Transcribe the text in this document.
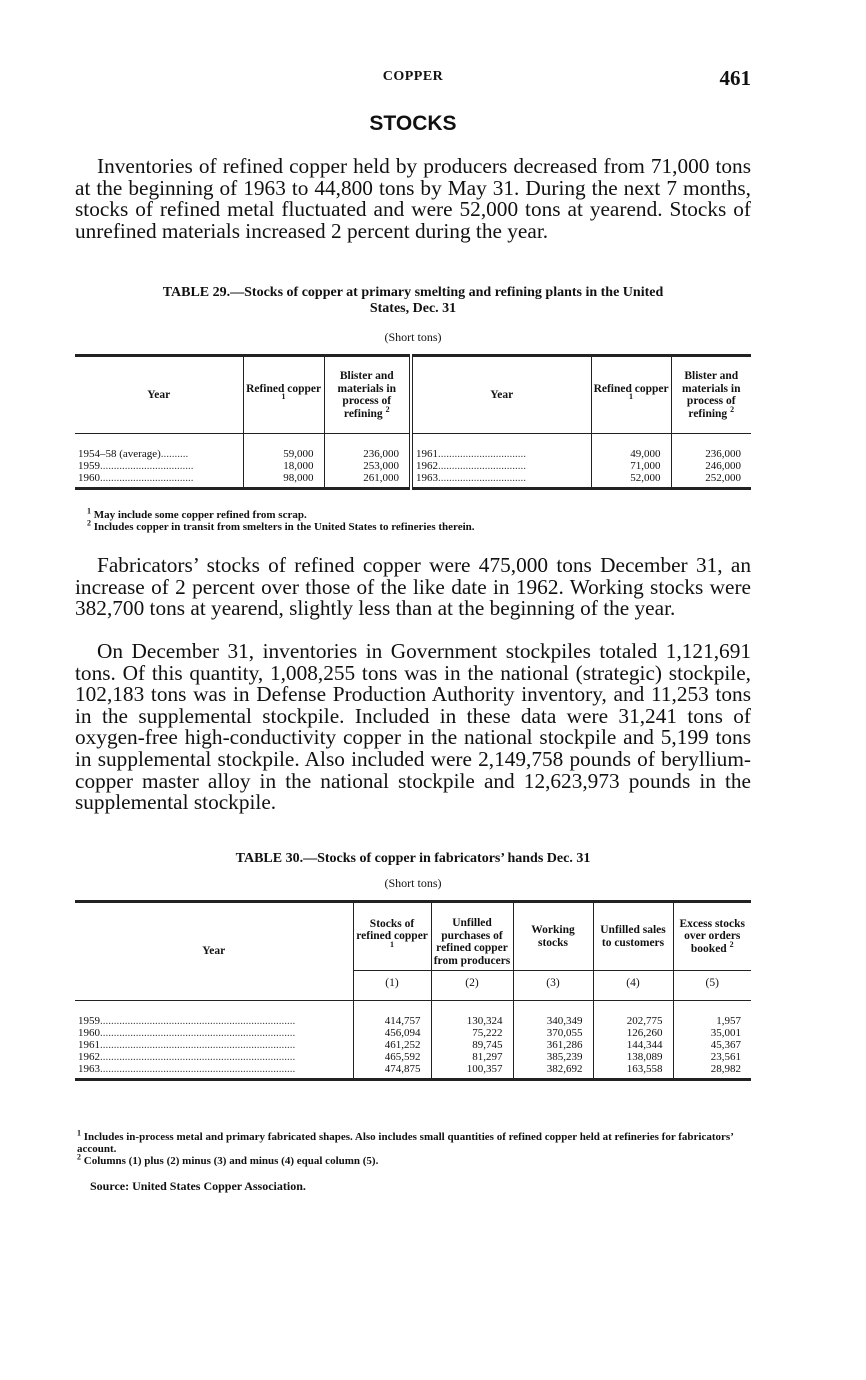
COPPER	461
STOCKS

Inventories of refined copper held by producers decreased from 71,000 tons at the beginning of 1963 to 44,800 tons by May 31. During the next 7 months, stocks of refined metal fluctuated and were 52,000 tons at yearend. Stocks of unrefined materials increased 2 percent during the year.

TABLE 29.—Stocks of copper at primary smelting and refining plants in the United
States, Dec. 31
(Short tons)
Year	Refined copper $^1$	Blister and materials in process of refining $^2$	Year	Refined copper $^1$	Blister and materials in process of refining $^2$
1954–58 (average)..........	59,000	236,000	1961................................	49,000	236,000
1959..................................	18,000	253,000	1962................................	71,000	246,000
1960..................................	98,000	261,000	1963................................	52,000	252,000

$^1$ May include some copper refined from scrap.

$^2$ Includes copper in transit from smelters in the United States to refineries therein.

Fabricators’ stocks of refined copper were 475,000 tons December 31, an increase of 2 percent over those of the like date in 1962. Working stocks were 382,700 tons at yearend, slightly less than at the beginning of the year.

On December 31, inventories in Government stockpiles totaled 1,121,691 tons. Of this quantity, 1,008,255 tons was in the national (strategic) stockpile, 102,183 tons was in Defense Production Authority inventory, and 11,253 tons in the supplemental stockpile. Included in these data were 31,241 tons of oxygen-free high-conductivity copper in the national stockpile and 5,199 tons in supplemental stockpile. Also included were 2,149,758 pounds of beryllium-copper master alloy in the national stockpile and 12,623,973 pounds in the supplemental stockpile.

TABLE 30.—Stocks of copper in fabricators’ hands Dec. 31
(Short tons)
Year	Stocks of refined copper $^1$	Unfilled purchases of refined copper from producers	Working stocks	Unfilled sales to customers	Excess stocks over orders booked $^2$
	(1)	(2)	(3)	(4)	(5)
1959.......................................................................	414,757	130,324	340,349	202,775	1,957
1960.......................................................................	456,094	75,222	370,055	126,260	35,001
1961.......................................................................	461,252	89,745	361,286	144,344	45,367
1962.......................................................................	465,592	81,297	385,239	138,089	23,561
1963.......................................................................	474,875	100,357	382,692	163,558	28,982

$^1$ Includes in-process metal and primary fabricated shapes. Also includes small quantities of refined copper held at refineries for fabricators’ account.

$^2$ Columns (1) plus (2) minus (3) and minus (4) equal column (5).

Source: United States Copper Association.
